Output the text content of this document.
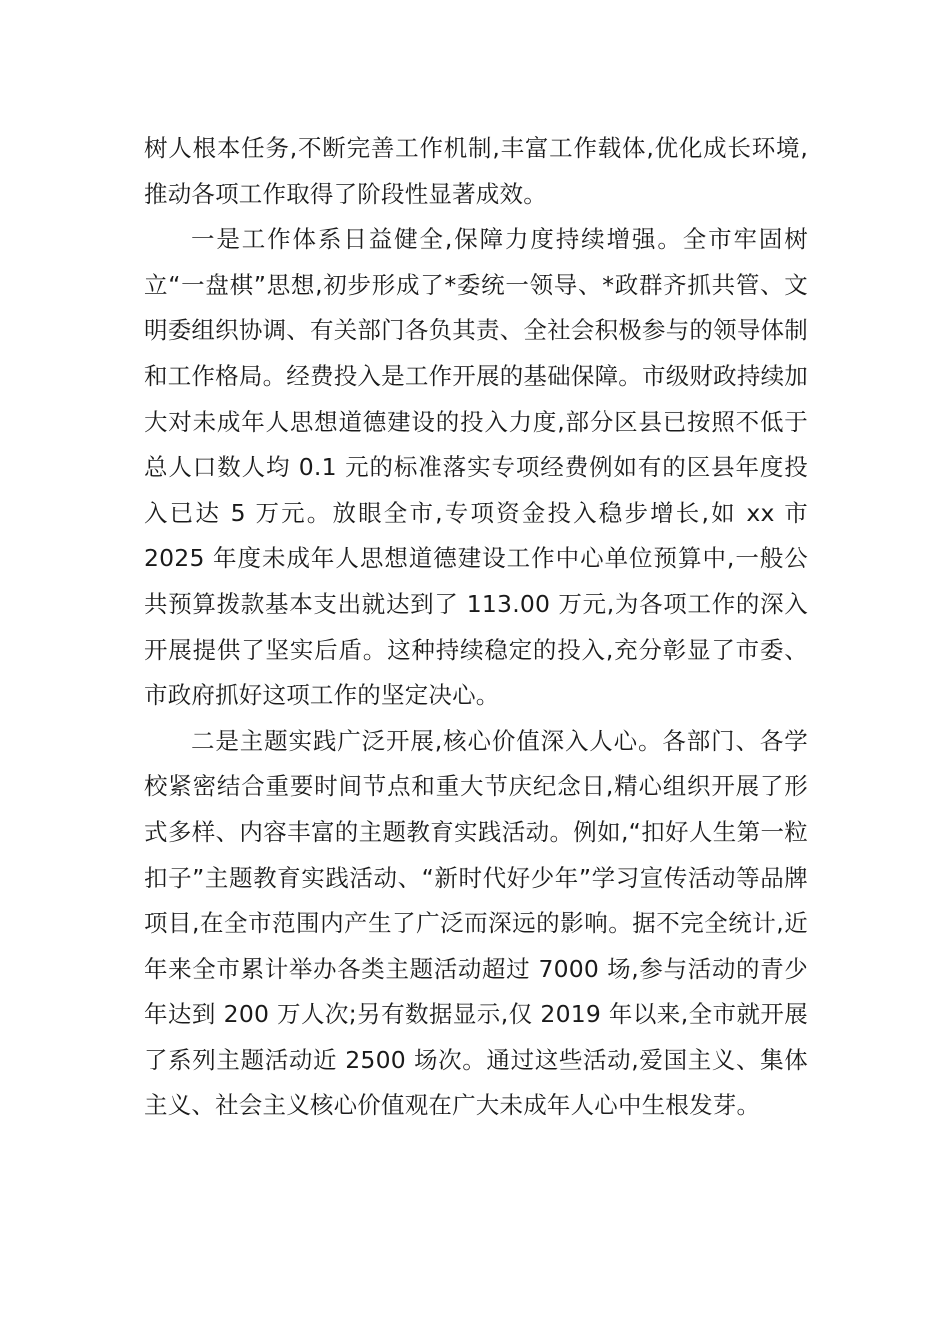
树人根本任务,不断完善工作机制,丰富工作载体,优化成长环境,推动各项工作取得了阶段性显著成效。

一是工作体系日益健全,保障力度持续增强。全市牢固树立“一盘棋”思想,初步形成了*委统一领导、*政群齐抓共管、文明委组织协调、有关部门各负其责、全社会积极参与的领导体制和工作格局。经费投入是工作开展的基础保障。市级财政持续加大对未成年人思想道德建设的投入力度,部分区县已按照不低于总人口数人均 0.1 元的标准落实专项经费例如有的区县年度投入已达 5 万元。放眼全市,专项资金投入稳步增长,如 xx 市 2025 年度未成年人思想道德建设工作中心单位预算中,一般公共预算拨款基本支出就达到了 113.00 万元,为各项工作的深入开展提供了坚实后盾。这种持续稳定的投入,充分彰显了市委、市政府抓好这项工作的坚定决心。

二是主题实践广泛开展,核心价值深入人心。各部门、各学校紧密结合重要时间节点和重大节庆纪念日,精心组织开展了形式多样、内容丰富的主题教育实践活动。例如,“扣好人生第一粒扣子”主题教育实践活动、“新时代好少年”学习宣传活动等品牌项目,在全市范围内产生了广泛而深远的影响。据不完全统计,近年来全市累计举办各类主题活动超过 7000 场,参与活动的青少年达到 200 万人次;另有数据显示,仅 2019 年以来,全市就开展了系列主题活动近 2500 场次。通过这些活动,爱国主义、集体主义、社会主义核心价值观在广大未成年人心中生根发芽。
